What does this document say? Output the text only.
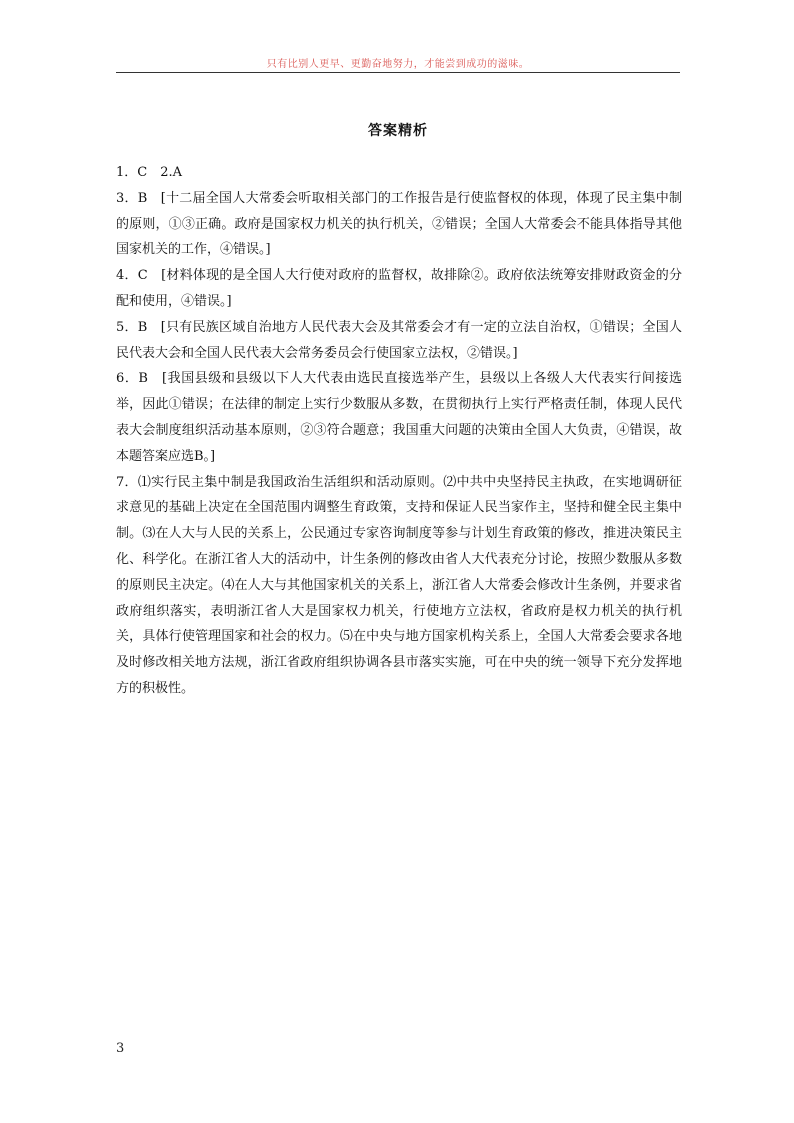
只有比别人更早、更勤奋地努力，才能尝到成功的滋味。
答案精析

1．C　2.A

3．B　[十二届全国人大常委会听取相关部门的工作报告是行使监督权的体现，体现了民主集中制的原则，①③正确。政府是国家权力机关的执行机关，②错误；全国人大常委会不能具体指导其他国家机关的工作，④错误。]

4．C　[材料体现的是全国人大行使对政府的监督权，故排除②。政府依法统筹安排财政资金的分配和使用，④错误。]

5．B　[只有民族区域自治地方人民代表大会及其常委会才有一定的立法自治权，①错误；全国人民代表大会和全国人民代表大会常务委员会行使国家立法权，②错误。]

6．B　[我国县级和县级以下人大代表由选民直接选举产生，县级以上各级人大代表实行间接选举，因此①错误；在法律的制定上实行少数服从多数，在贯彻执行上实行严格责任制，体现人民代表大会制度组织活动基本原则，②③符合题意；我国重大问题的决策由全国人大负责，④错误，故本题答案应选B。]

7．⑴实行民主集中制是我国政治生活组织和活动原则。⑵中共中央坚持民主执政，在实地调研征求意见的基础上决定在全国范围内调整生育政策，支持和保证人民当家作主，坚持和健全民主集中制。⑶在人大与人民的关系上，公民通过专家咨询制度等参与计划生育政策的修改，推进决策民主化、科学化。在浙江省人大的活动中，计生条例的修改由省人大代表充分讨论，按照少数服从多数的原则民主决定。⑷在人大与其他国家机关的关系上，浙江省人大常委会修改计生条例，并要求省政府组织落实，表明浙江省人大是国家权力机关，行使地方立法权，省政府是权力机关的执行机关，具体行使管理国家和社会的权力。⑸在中央与地方国家机构关系上，全国人大常委会要求各地及时修改相关地方法规，浙江省政府组织协调各县市落实实施，可在中央的统一领导下充分发挥地方的积极性。

3
